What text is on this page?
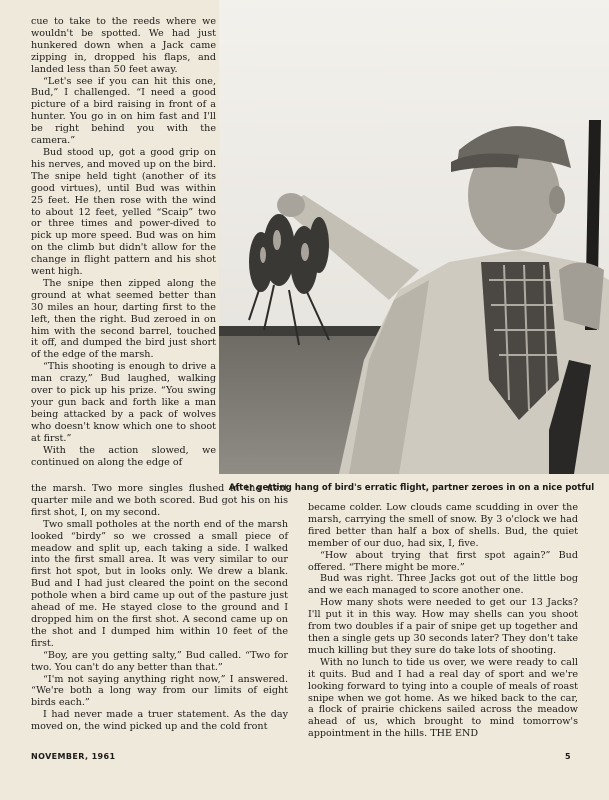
cue to take to the reeds where we wouldn't be spotted. We had just hunkered down when a Jack came zipping in, dropped his flaps, and landed less than 50 feet away.

“Let's see if you can hit this one, Bud,” I challenged. “I need a good picture of a bird raising in front of a hunter. You go in on him fast and I'll be right behind you with the camera.”

Bud stood up, got a good grip on his nerves, and moved up on the bird. The snipe held tight (another of its good virtues), until Bud was within 25 feet. He then rose with the wind to about 12 feet, yelled “Scaip” two or three times and power-dived to pick up more speed. Bud was on him on the climb but didn't allow for the change in flight pattern and his shot went high.

The snipe then zipped along the ground at what seemed better than 30 miles an hour, darting first to the left, then the right. Bud zeroed in on him with the second barrel, touched it off, and dumped the bird just short of the edge of the marsh.

“This shooting is enough to drive a man crazy,” Bud laughed, walking over to pick up his prize. “You swing your gun back and forth like a man being attacked by a pack of wolves who doesn't know which one to shoot at first.”

With the action slowed, we continued on along the edge of

After getting hang of bird's erratic flight, partner zeroes in on a nice potful

the marsh. Two more singles flushed in the next quarter mile and we both scored. Bud got his on his first shot, I, on my second.

Two small potholes at the north end of the marsh looked “birdy” so we crossed a small piece of meadow and split up, each taking a side. I walked into the first small area. It was very similar to our first hot spot, but in looks only. We drew a blank. Bud and I had just cleared the point on the second pothole when a bird came up out of the pasture just ahead of me. He stayed close to the ground and I dropped him on the first shot. A second came up on the shot and I dumped him within 10 feet of the first.

“Boy, are you getting salty,” Bud called. “Two for two. You can't do any better than that.”

“I'm not saying anything right now,” I answered. “We're both a long way from our limits of eight birds each.”

I had never made a truer statement. As the day moved on, the wind picked up and the cold front

became colder. Low clouds came scudding in over the marsh, carrying the smell of snow. By 3 o'clock we had fired better than half a box of shells. Bud, the quiet member of our duo, had six, I, five.

“How about trying that first spot again?” Bud offered. “There might be more.”

Bud was right. Three Jacks got out of the little bog and we each managed to score another one.

How many shots were needed to get our 13 Jacks? I'll put it in this way. How may shells can you shoot from two doubles if a pair of snipe get up together and then a single gets up 30 seconds later? They don't take much killing but they sure do take lots of shooting.

With no lunch to tide us over, we were ready to call it quits. Bud and I had a real day of sport and we're looking forward to tying into a couple of meals of roast snipe when we got home. As we hiked back to the car, a flock of prairie chickens sailed across the meadow ahead of us, which brought to mind tomorrow's appointment in the hills. THE END

NOVEMBER, 1961	5
